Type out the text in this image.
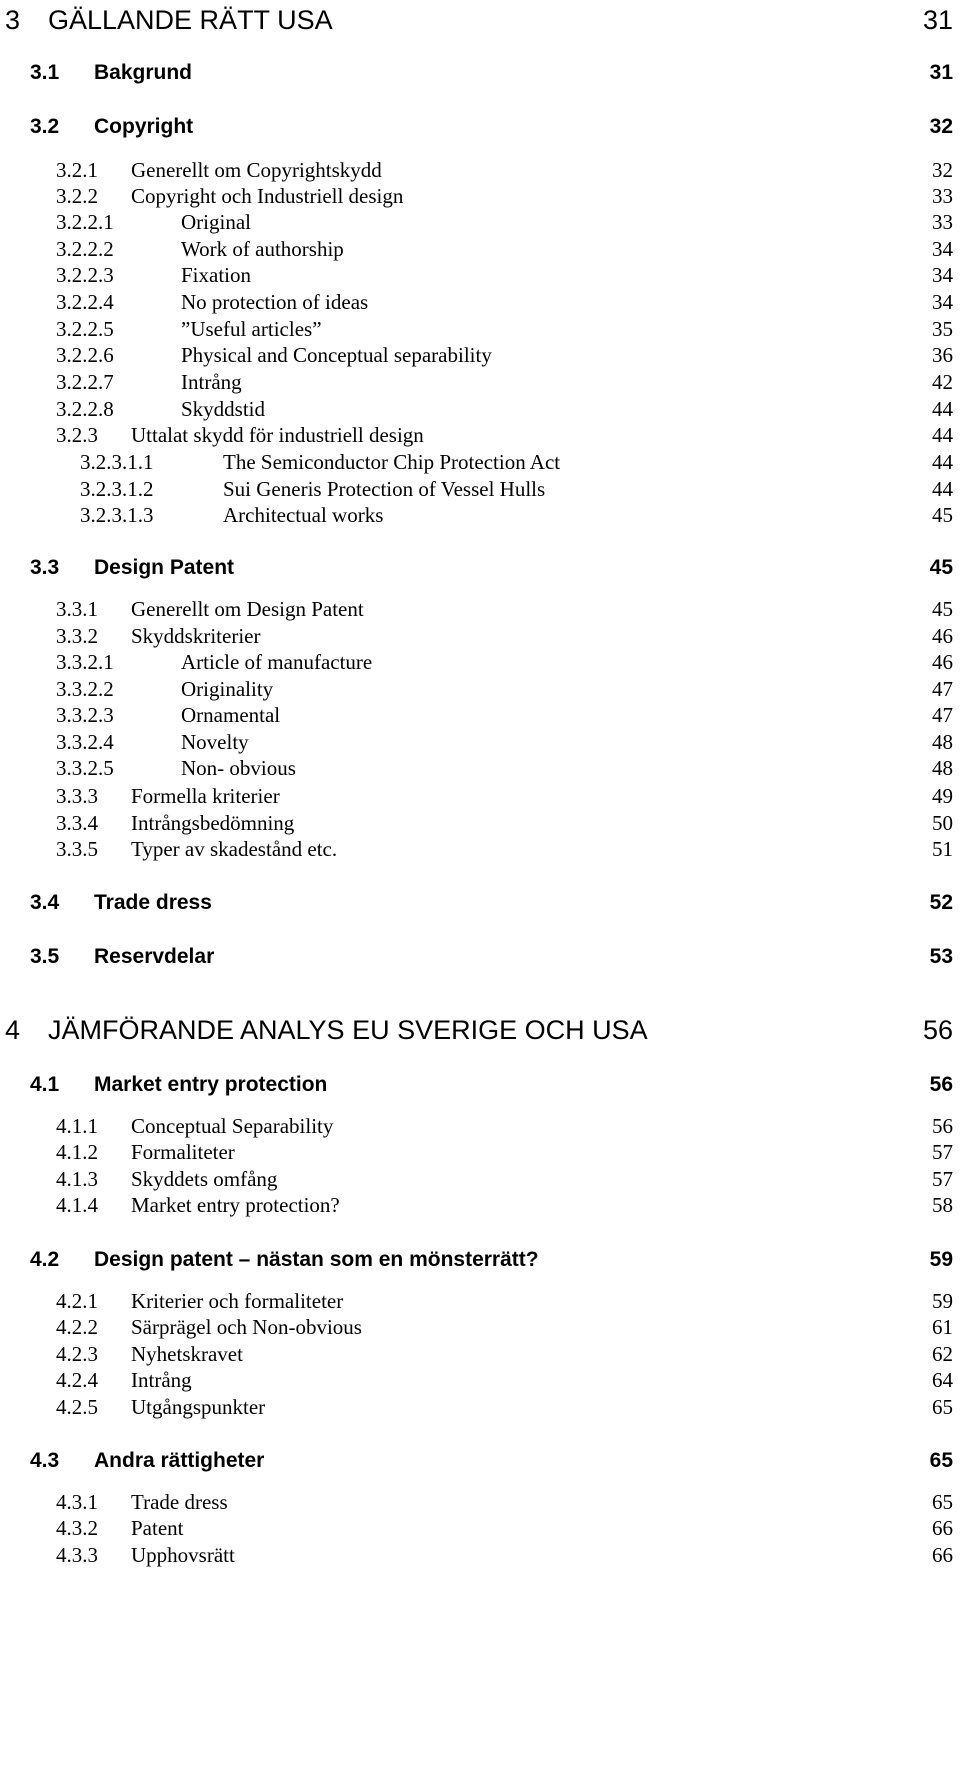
3 GÄLLANDE RÄTT USA	31
3.1 Bakgrund	31
3.2 Copyright	32
3.2.1 Generellt om Copyrightskydd	32
3.2.2 Copyright och Industriell design	33
3.2.2.1	Original	33
3.2.2.2	Work of authorship	34
3.2.2.3	Fixation	34
3.2.2.4	No protection of ideas	34
3.2.2.5	”Useful articles”	35
3.2.2.6	Physical and Conceptual separability	36
3.2.2.7	Intrång	42
3.2.2.8	Skyddstid	44
3.2.3 Uttalat skydd för industriell design	44
3.2.3.1.1	The Semiconductor Chip Protection Act	44
3.2.3.1.2	Sui Generis Protection of Vessel Hulls	44
3.2.3.1.3	Architectual works	45
3.3 Design Patent	45
3.3.1 Generellt om Design Patent	45
3.3.2 Skyddskriterier	46
3.3.2.1	Article of manufacture	46
3.3.2.2	Originality	47
3.3.2.3	Ornamental	47
3.3.2.4	Novelty	48
3.3.2.5	Non- obvious	48
3.3.3 Formella kriterier	49
3.3.4 Intrångsbedömning	50
3.3.5 Typer av skadestånd etc.	51
3.4 Trade dress	52
3.5 Reservdelar	53
4 JÄMFÖRANDE ANALYS EU SVERIGE OCH USA	56
4.1 Market entry protection	56
4.1.1 Conceptual Separability	56
4.1.2 Formaliteter	57
4.1.3 Skyddets omfång	57
4.1.4 Market entry protection?	58
4.2 Design patent – nästan som en mönsterrätt?	59
4.2.1 Kriterier och formaliteter	59
4.2.2 Särprägel och Non-obvious	61
4.2.3 Nyhetskravet	62
4.2.4 Intrång	64
4.2.5 Utgångspunkter	65
4.3 Andra rättigheter	65
4.3.1 Trade dress	65
4.3.2 Patent	66
4.3.3 Upphovsrätt	66
